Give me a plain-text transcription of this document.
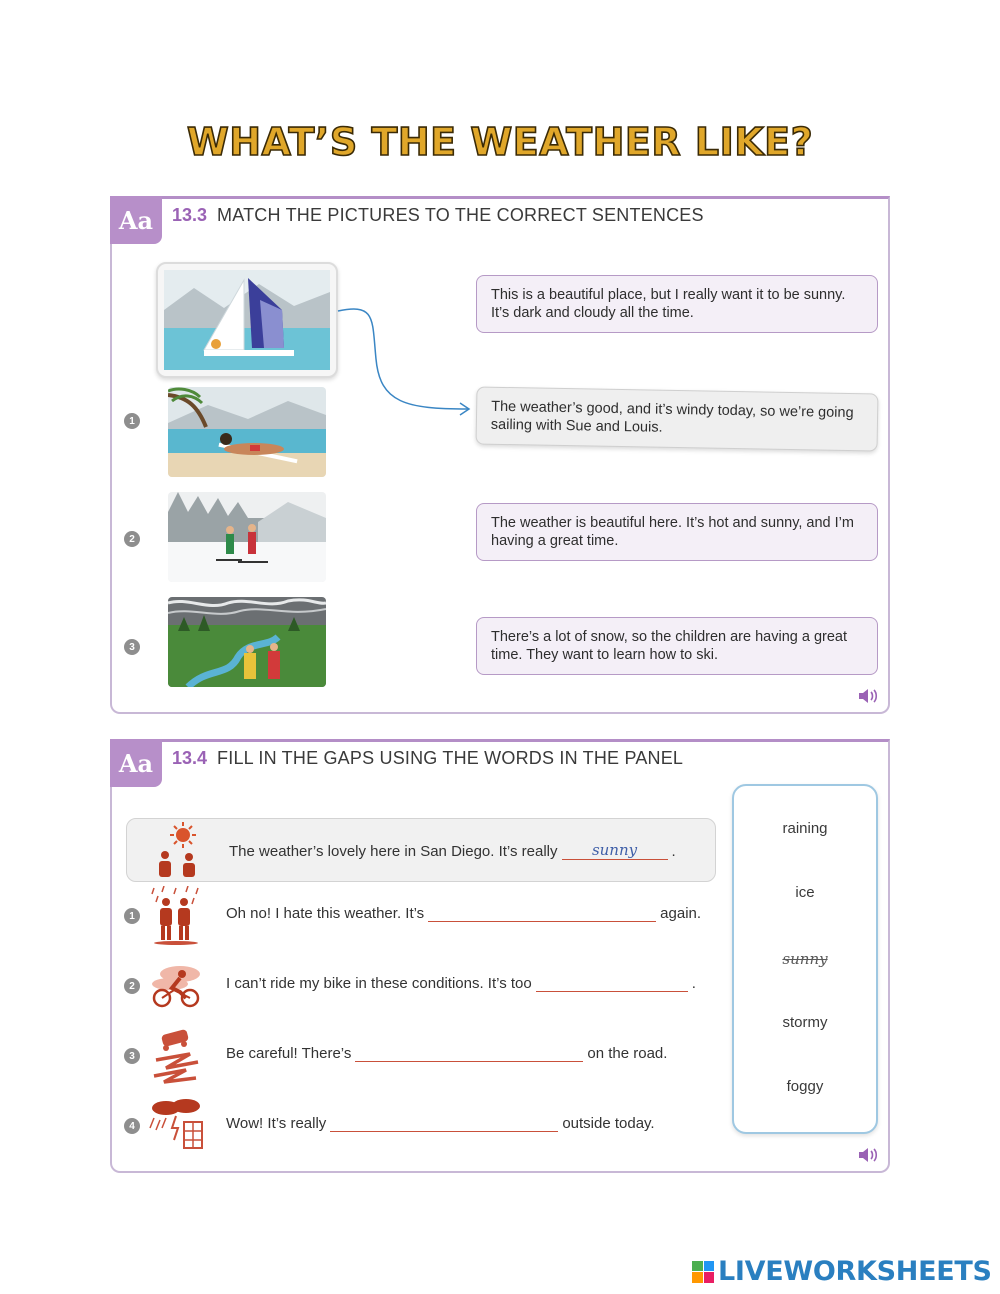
WHAT’S THE WEATHER LIKE?
Aa	13.3 MATCH THE PICTURES TO THE CORRECT SENTENCES
1
2
3
This is a beautiful place, but I really want it to be sunny. It’s dark and cloudy all the time.
The weather’s good, and it’s windy today, so we’re going sailing with Sue and Louis.
The weather is beautiful here. It’s hot and sunny, and I’m having a great time.
There’s a lot of snow, so the children are having a great time. They want to learn how to ski.
Aa	13.4 FILL IN THE GAPS USING THE WORDS IN THE PANEL
The weather’s lovely here in San Diego. It’s really	sunny	.
1	Oh no! I hate this weather. It’s	again.
2	I can’t ride my bike in these conditions. It’s too	.
3	Be careful! There’s	on the road.
4	Wow! It’s really	outside today.
raining
ice
sunny
stormy
foggy
LIVEWORKSHEETS
